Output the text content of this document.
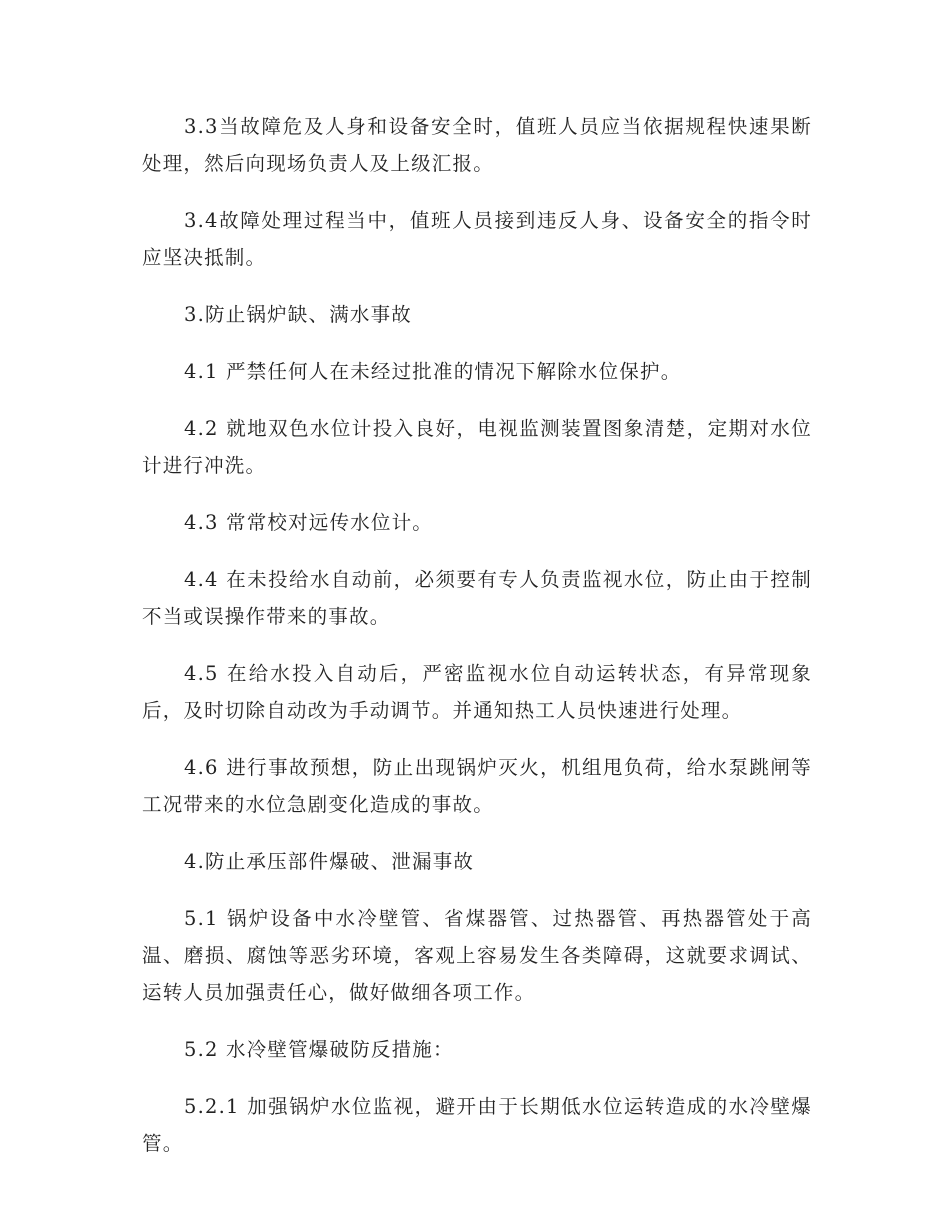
3.3当故障危及人身和设备安全时，值班人员应当依据规程快速果断处理，然后向现场负责人及上级汇报。

3.4故障处理过程当中，值班人员接到违反人身、设备安全的指令时应坚决抵制。

3.防止锅炉缺、满水事故

4.1 严禁任何人在未经过批准的情况下解除水位保护。

4.2 就地双色水位计投入良好，电视监测装置图象清楚，定期对水位计进行冲洗。

4.3 常常校对远传水位计。

4.4 在未投给水自动前，必须要有专人负责监视水位，防止由于控制不当或误操作带来的事故。

4.5 在给水投入自动后，严密监视水位自动运转状态，有异常现象后，及时切除自动改为手动调节。并通知热工人员快速进行处理。

4.6 进行事故预想，防止出现锅炉灭火，机组甩负荷，给水泵跳闸等工况带来的水位急剧变化造成的事故。

4.防止承压部件爆破、泄漏事故

5.1 锅炉设备中水冷壁管、省煤器管、过热器管、再热器管处于高温、磨损、腐蚀等恶劣环境，客观上容易发生各类障碍，这就要求调试、运转人员加强责任心，做好做细各项工作。

5.2 水冷壁管爆破防反措施：

5.2.1 加强锅炉水位监视，避开由于长期低水位运转造成的水冷壁爆管。
